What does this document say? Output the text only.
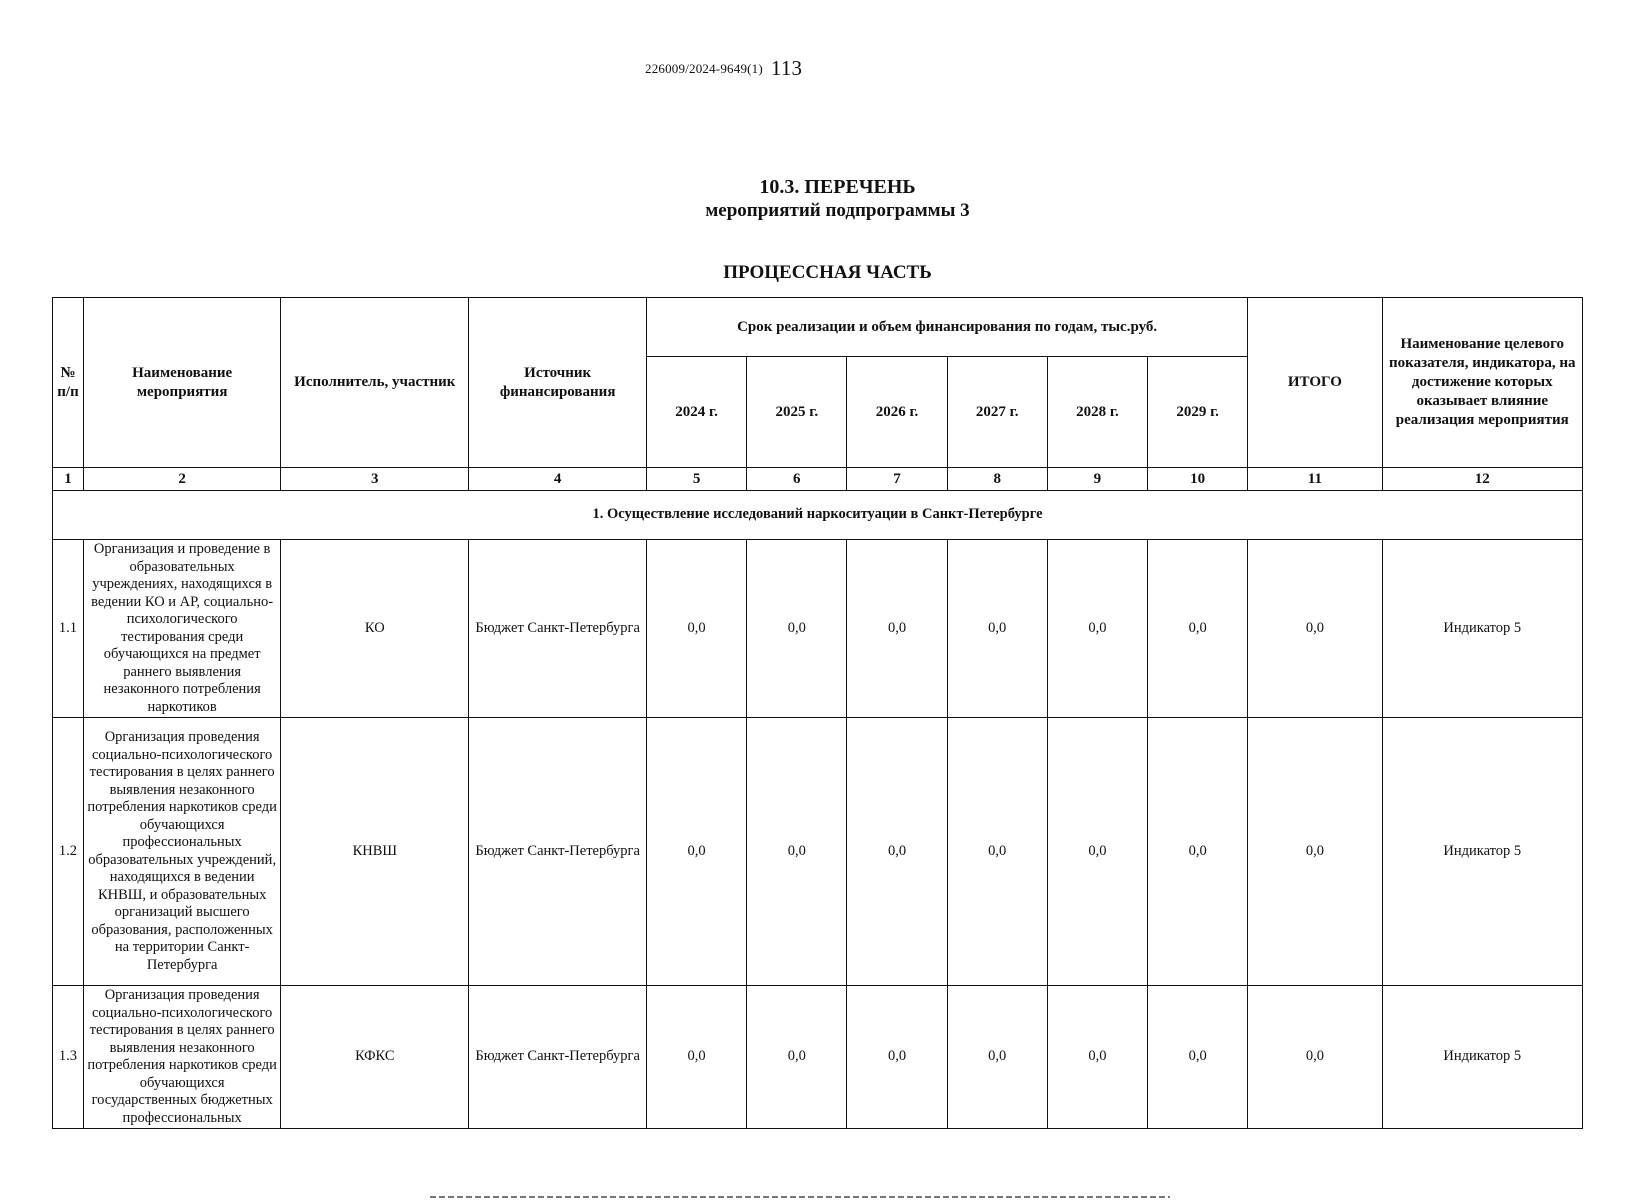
226009/2024-9649(1) 113
10.3. ПЕРЕЧЕНЬ
мероприятий подпрограммы 3
ПРОЦЕССНАЯ ЧАСТЬ
№ п/п	Наименование мероприятия	Исполнитель, участник	Источник финансирования	Срок реализации и объем финансирования по годам, тыс.руб.						ИТОГО	Наименование целевого показателя, индикатора, на достижение которых оказывает влияние реализация мероприятия
				2024 г.	2025 г.	2026 г.	2027 г.	2028 г.	2029 г.		
1	2	3	4	5	6	7	8	9	10	11	12
1. Осуществление исследований наркоситуации в Санкт-Петербурге											
1.1	Организация и проведение в образовательных учреждениях, находящихся в ведении КО и АР, социально-психологического тестирования среди обучающихся на предмет раннего выявления незаконного потребления наркотиков	КО	Бюджет Санкт-Петербурга	0,0	0,0	0,0	0,0	0,0	0,0	0,0	Индикатор 5
1.2	Организация проведения социально-психологического тестирования в целях раннего выявления незаконного потребления наркотиков среди обучающихся профессиональных образовательных учреждений, находящихся в ведении КНВШ, и образовательных организаций высшего образования, расположенных на территории Санкт-Петербурга	КНВШ	Бюджет Санкт-Петербурга	0,0	0,0	0,0	0,0	0,0	0,0	0,0	Индикатор 5
1.3	Организация проведения социально-психологического тестирования в целях раннего выявления незаконного потребления наркотиков среди обучающихся государственных бюджетных профессиональных	КФКС	Бюджет Санкт-Петербурга	0,0	0,0	0,0	0,0	0,0	0,0	0,0	Индикатор 5
